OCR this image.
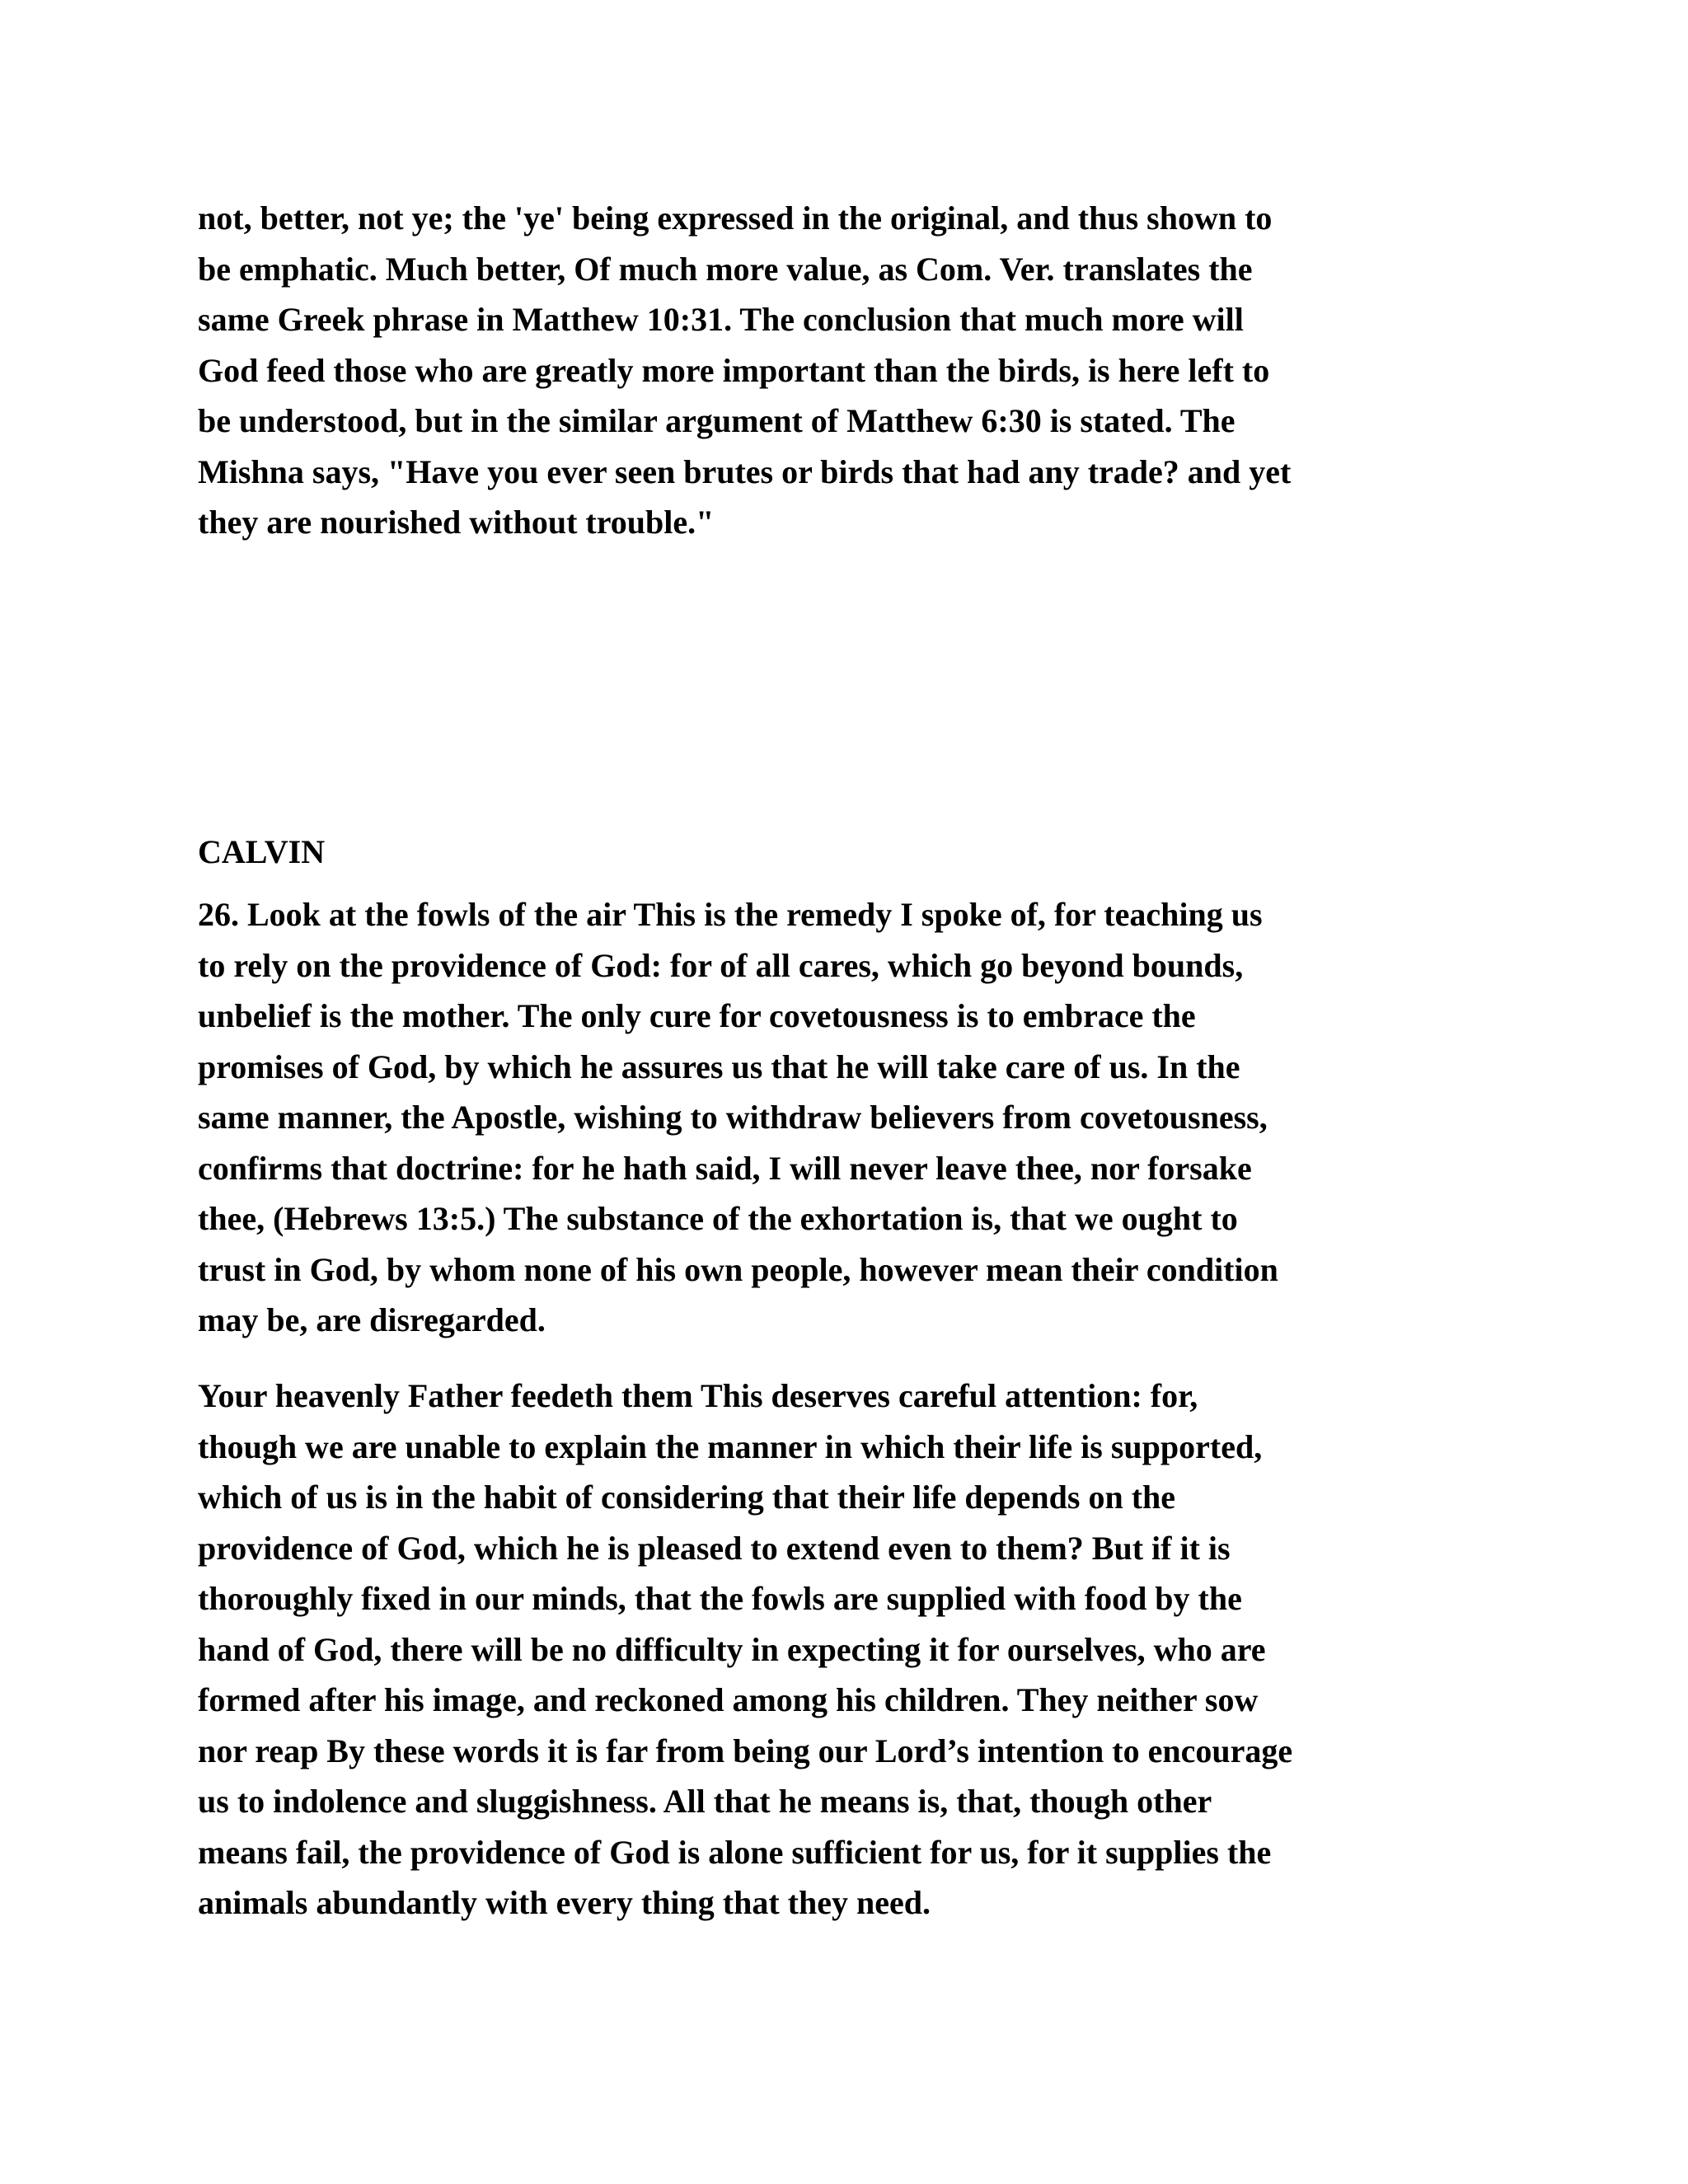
not, better, not ye; the 'ye' being expressed in the original, and thus shown to
be emphatic. Much better, Of much more value, as Com. Ver. translates the
same Greek phrase in Matthew 10:31. The conclusion that much more will
God feed those who are greatly more important than the birds, is here left to
be understood, but in the similar argument of Matthew 6:30 is stated. The
Mishna says, "Have you ever seen brutes or birds that had any trade? and yet
they are nourished without trouble."

CALVIN

26. Look at the fowls of the air This is the remedy I spoke of, for teaching us
to rely on the providence of God: for of all cares, which go beyond bounds,
unbelief is the mother. The only cure for covetousness is to embrace the
promises of God, by which he assures us that he will take care of us. In the
same manner, the Apostle, wishing to withdraw believers from covetousness,
confirms that doctrine: for he hath said, I will never leave thee, nor forsake
thee, (Hebrews 13:5.) The substance of the exhortation is, that we ought to
trust in God, by whom none of his own people, however mean their condition
may be, are disregarded.

Your heavenly Father feedeth them This deserves careful attention: for,
though we are unable to explain the manner in which their life is supported,
which of us is in the habit of considering that their life depends on the
providence of God, which he is pleased to extend even to them? But if it is
thoroughly fixed in our minds, that the fowls are supplied with food by the
hand of God, there will be no difficulty in expecting it for ourselves, who are
formed after his image, and reckoned among his children. They neither sow
nor reap By these words it is far from being our Lord’s intention to encourage
us to indolence and sluggishness. All that he means is, that, though other
means fail, the providence of God is alone sufficient for us, for it supplies the
animals abundantly with every thing that they need.
